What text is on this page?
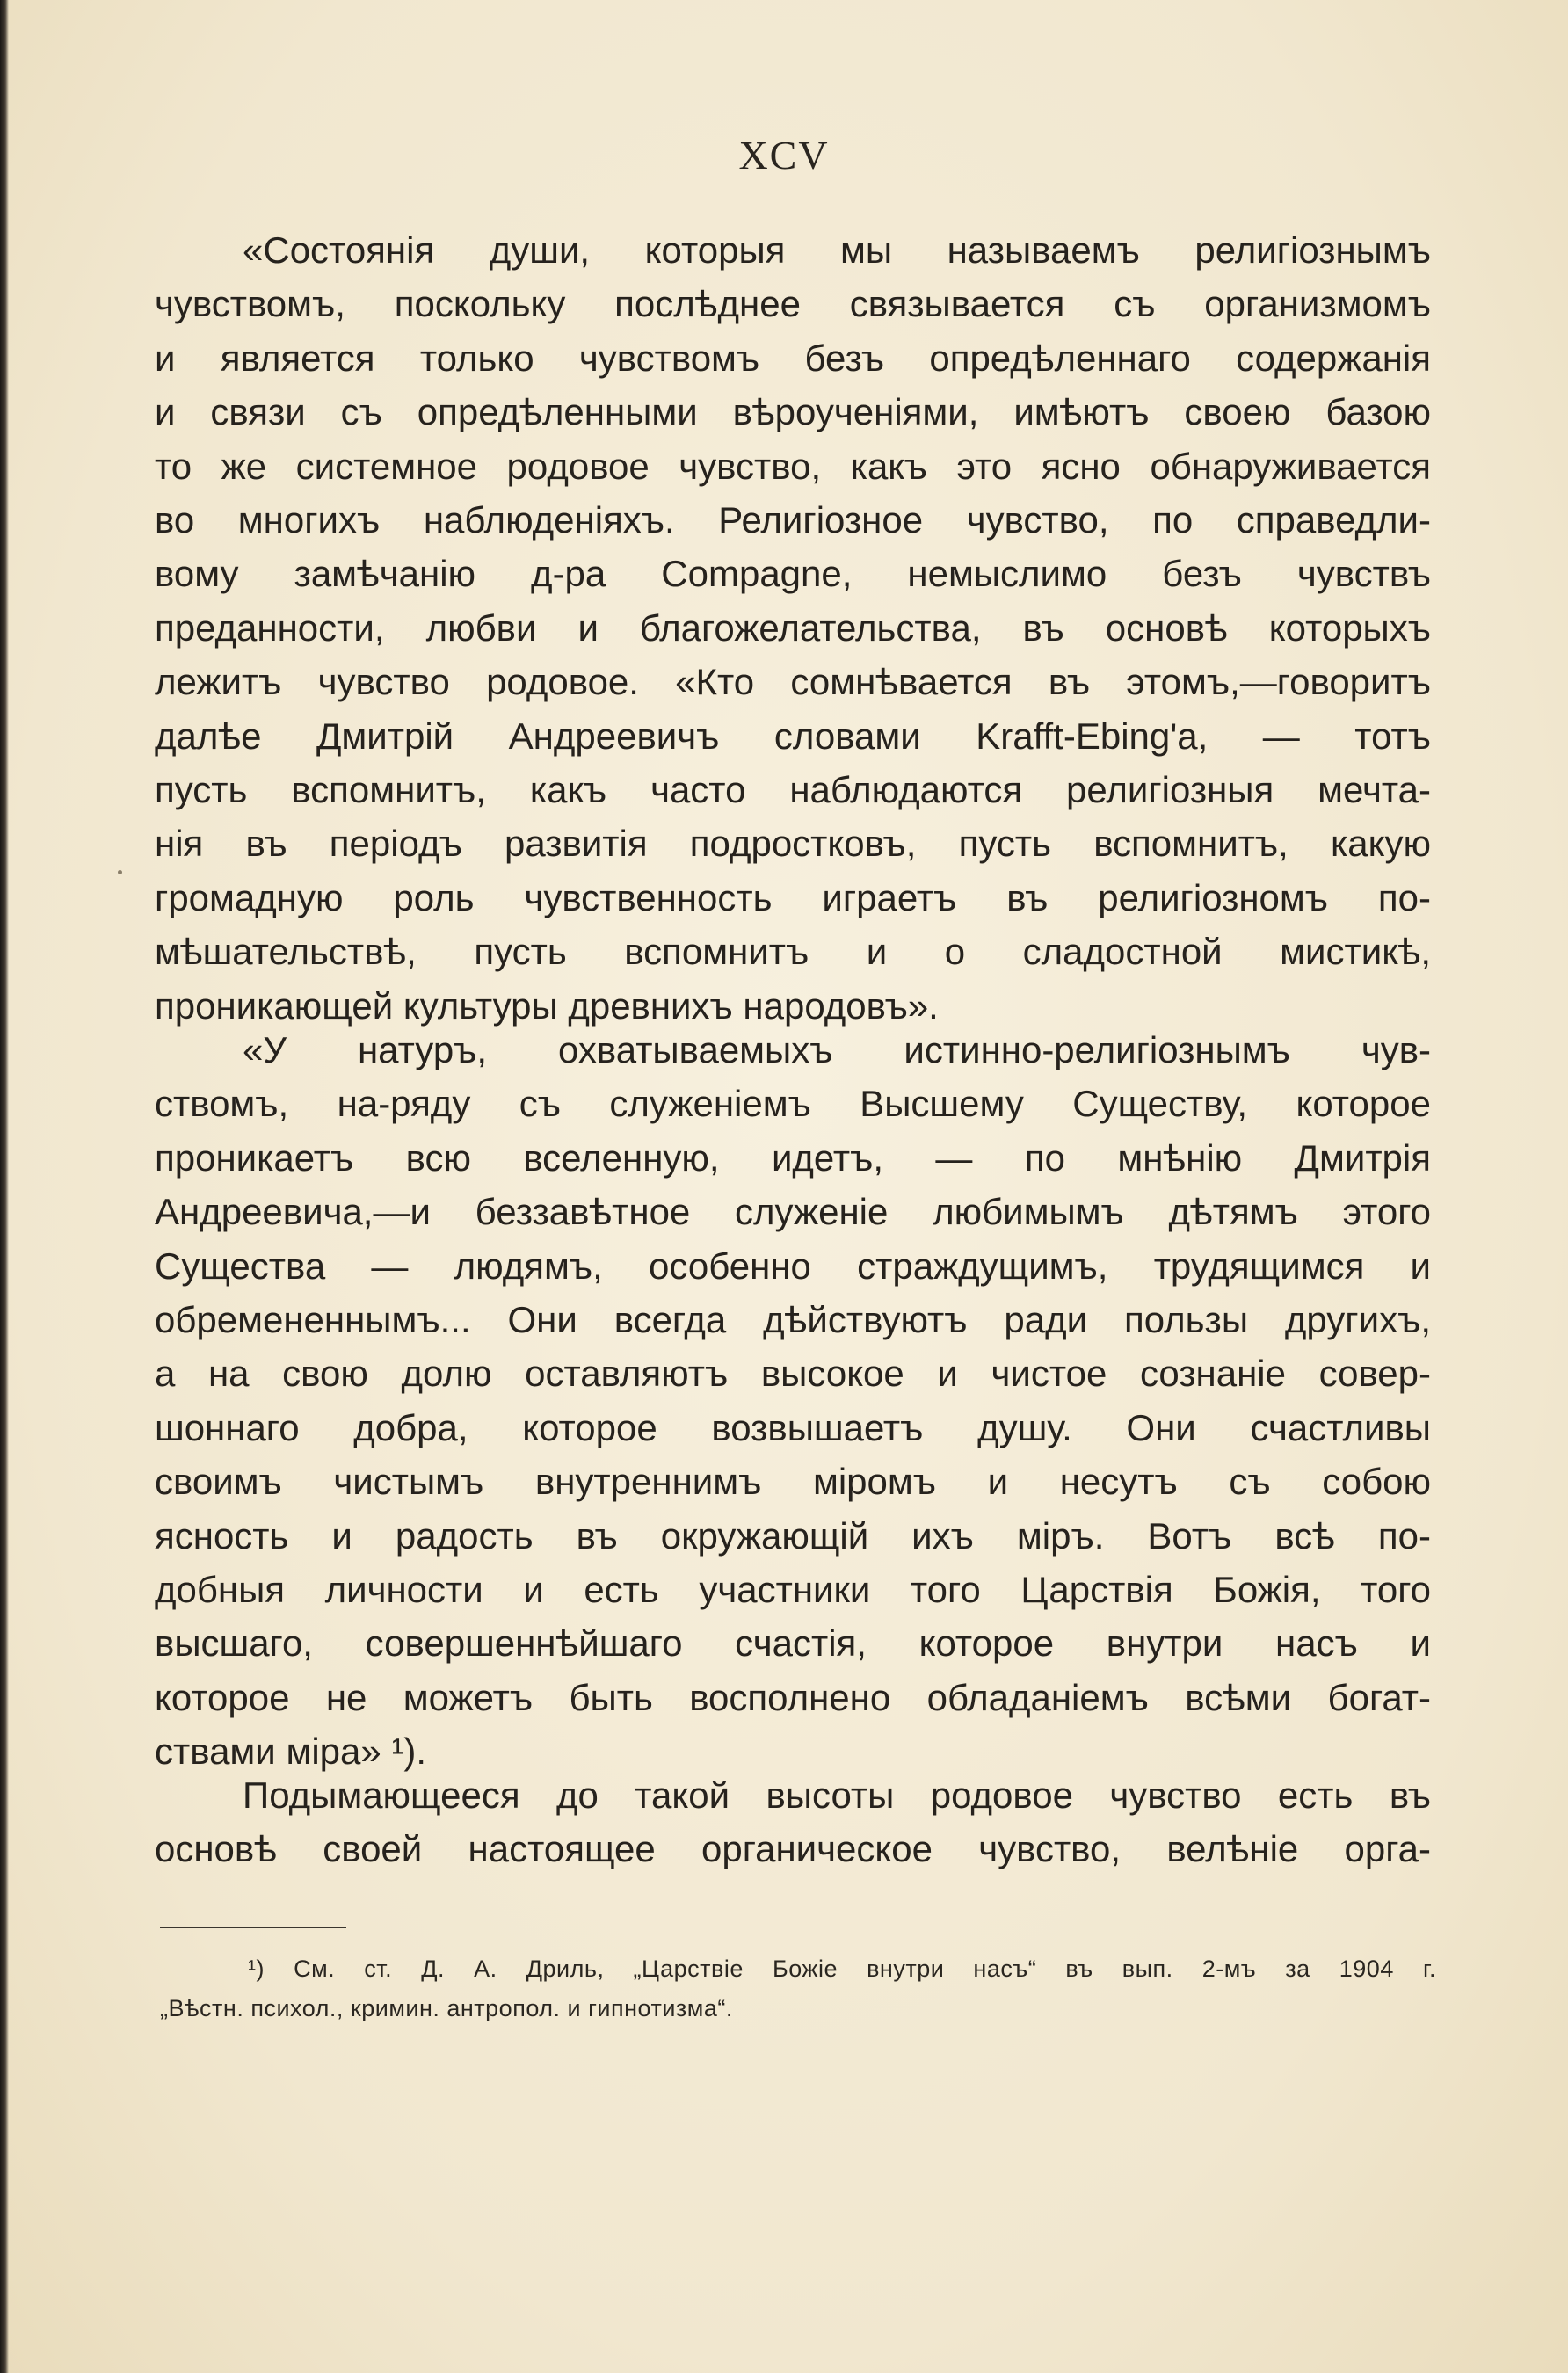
XCV
«Состоянія души, которыя мы называемъ религіознымъ
чувствомъ, поскольку послѣднее связывается съ организмомъ
и является только чувствомъ безъ опредѣленнаго содержанія
и связи съ опредѣленными вѣроученіями, имѣютъ своею базою
то же системное родовое чувство, какъ это ясно обнаруживается
во многихъ наблюденіяхъ. Религіозное чувство, по справедли-
вому замѣчанію д-ра Compagne, немыслимо безъ чувствъ
преданности, любви и благожелательства, въ основѣ которыхъ
лежитъ чувство родовое. «Кто сомнѣвается въ этомъ,—говоритъ
далѣе Дмитрій Андреевичъ словами Krafft-Ebing'a, — тотъ
пусть вспомнитъ, какъ часто наблюдаются религіозныя мечта-
нія въ періодъ развитія подростковъ, пусть вспомнитъ, какую
громадную роль чувственность играетъ въ религіозномъ по-
мѣшательствѣ, пусть вспомнитъ и о сладостной мистикѣ,
проникающей культуры древнихъ народовъ».
«У натуръ, охватываемыхъ истинно-религіознымъ чув-
ствомъ, на-ряду съ служеніемъ Высшему Существу, которое
проникаетъ всю вселенную, идетъ, — по мнѣнію Дмитрія
Андреевича,—и беззавѣтное служеніе любимымъ дѣтямъ этого
Существа — людямъ, особенно страждущимъ, трудящимся и
обремененнымъ... Они всегда дѣйствуютъ ради пользы другихъ,
а на свою долю оставляютъ высокое и чистое сознаніе совер-
шоннаго добра, которое возвышаетъ душу. Они счастливы
своимъ чистымъ внутреннимъ міромъ и несутъ съ собою
ясность и радость въ окружающій ихъ міръ. Вотъ всѣ по-
добныя личности и есть участники того Царствія Божія, того
высшаго, совершеннѣйшаго счастія, которое внутри насъ и
которое не можетъ быть восполнено обладаніемъ всѣми богат-
ствами міра» ¹).
Подымающееся до такой высоты родовое чувство есть въ
основѣ своей настоящее органическое чувство, велѣніе орга-
¹) См. ст. Д. А. Дриль, „Царствіе Божіе внутри насъ“ въ вып. 2-мъ за 1904 г.
„Вѣстн. психол., кримин. антропол. и гипнотизма“.
